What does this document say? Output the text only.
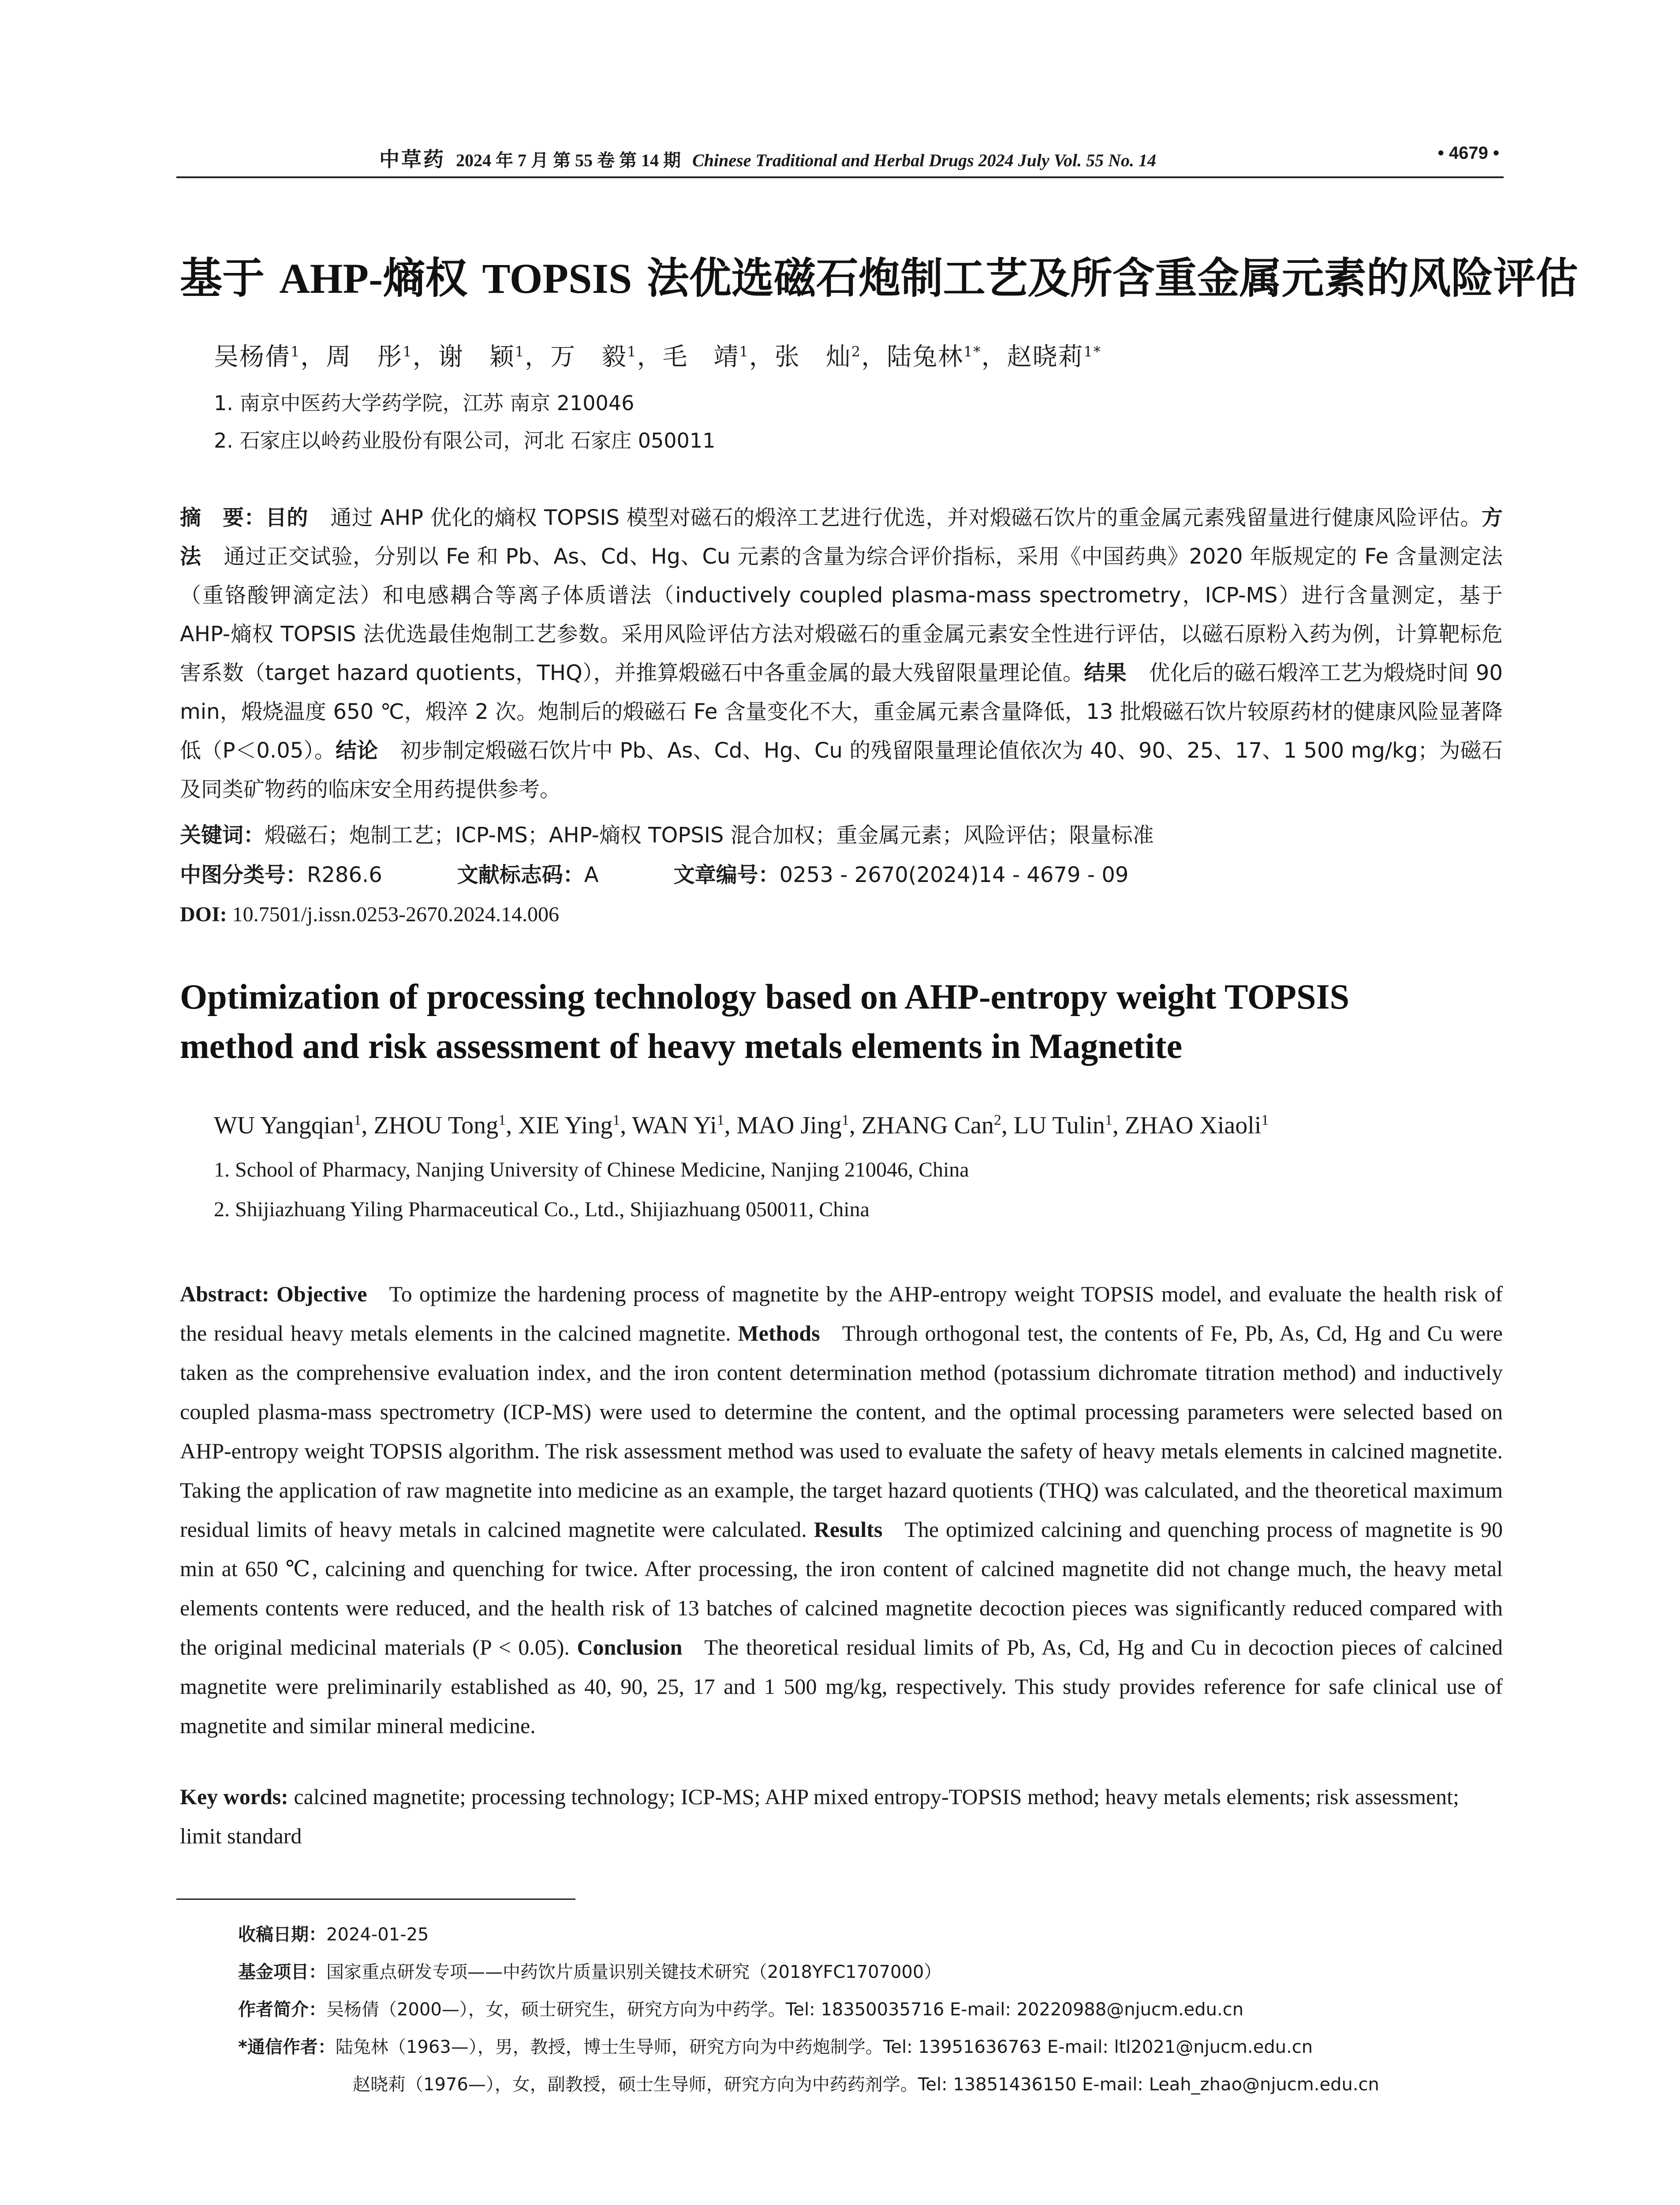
中草药 2024 年 7 月 第 55 卷 第 14 期 Chinese Traditional and Herbal Drugs 2024 July Vol. 55 No. 14	• 4679 •
基于 AHP-熵权 TOPSIS 法优选磁石炮制工艺及所含重金属元素的风险评估
吴杨倩$^1$，周　彤$^1$，谢　颖$^1$，万　毅$^1$，毛　靖$^1$，张　灿$^2$，陆兔林$^{1*}$，赵晓莉$^{1*}$
1. 南京中医药大学药学院，江苏 南京 210046
2. 石家庄以岭药业股份有限公司，河北 石家庄 050011
摘　要：目的 通过 AHP 优化的熵权 TOPSIS 模型对磁石的煅淬工艺进行优选，并对煅磁石饮片的重金属元素残留量进行健康风险评估。方法 通过正交试验，分别以 Fe 和 Pb、As、Cd、Hg、Cu 元素的含量为综合评价指标，采用《中国药典》2020 年版规定的 Fe 含量测定法（重铬酸钾滴定法）和电感耦合等离子体质谱法（inductively coupled plasma-mass spectrometry，ICP-MS）进行含量测定，基于 AHP-熵权 TOPSIS 法优选最佳炮制工艺参数。采用风险评估方法对煅磁石的重金属元素安全性进行评估，以磁石原粉入药为例，计算靶标危害系数（target hazard quotients，THQ），并推算煅磁石中各重金属的最大残留限量理论值。结果 优化后的磁石煅淬工艺为煅烧时间 90 min，煅烧温度 650 ℃，煅淬 2 次。炮制后的煅磁石 Fe 含量变化不大，重金属元素含量降低，13 批煅磁石饮片较原药材的健康风险显著降低（P＜0.05）。结论 初步制定煅磁石饮片中 Pb、As、Cd、Hg、Cu 的残留限量理论值依次为 40、90、25、17、1 500 mg/kg；为磁石及同类矿物药的临床安全用药提供参考。
关键词：煅磁石；炮制工艺；ICP-MS；AHP-熵权 TOPSIS 混合加权；重金属元素；风险评估；限量标准
中图分类号：R286.6	文献标志码：A	文章编号：0253 - 2670(2024)14 - 4679 - 09
DOI: 10.7501/j.issn.0253-2670.2024.14.006
Optimization of processing technology based on AHP-entropy weight TOPSIS
method and risk assessment of heavy metals elements in Magnetite
WU Yangqian$^1$, ZHOU Tong$^1$, XIE Ying$^1$, WAN Yi$^1$, MAO Jing$^1$, ZHANG Can$^2$, LU Tulin$^1$, ZHAO Xiaoli$^1$
1. School of Pharmacy, Nanjing University of Chinese Medicine, Nanjing 210046, China
2. Shijiazhuang Yiling Pharmaceutical Co., Ltd., Shijiazhuang 050011, China
Abstract: Objective To optimize the hardening process of magnetite by the AHP-entropy weight TOPSIS model, and evaluate the health risk of the residual heavy metals elements in the calcined magnetite. Methods Through orthogonal test, the contents of Fe, Pb, As, Cd, Hg and Cu were taken as the comprehensive evaluation index, and the iron content determination method (potassium dichromate titration method) and inductively coupled plasma-mass spectrometry (ICP-MS) were used to determine the content, and the optimal processing parameters were selected based on AHP-entropy weight TOPSIS algorithm. The risk assessment method was used to evaluate the safety of heavy metals elements in calcined magnetite. Taking the application of raw magnetite into medicine as an example, the target hazard quotients (THQ) was calculated, and the theoretical maximum residual limits of heavy metals in calcined magnetite were calculated. Results The optimized calcining and quenching process of magnetite is 90 min at 650 ℃, calcining and quenching for twice. After processing, the iron content of calcined magnetite did not change much, the heavy metal elements contents were reduced, and the health risk of 13 batches of calcined magnetite decoction pieces was significantly reduced compared with the original medicinal materials (P < 0.05). Conclusion The theoretical residual limits of Pb, As, Cd, Hg and Cu in decoction pieces of calcined magnetite were preliminarily established as 40, 90, 25, 17 and 1 500 mg/kg, respectively. This study provides reference for safe clinical use of magnetite and similar mineral medicine.
Key words: calcined magnetite; processing technology; ICP-MS; AHP mixed entropy-TOPSIS method; heavy metals elements; risk assessment; limit standard
收稿日期：2024-01-25
基金项目：国家重点研发专项——中药饮片质量识别关键技术研究（2018YFC1707000）
作者简介：吴杨倩（2000—），女，硕士研究生，研究方向为中药学。Tel: 18350035716 E-mail: 20220988@njucm.edu.cn
*通信作者：陆兔林（1963—），男，教授，博士生导师，研究方向为中药炮制学。Tel: 13951636763 E-mail: ltl2021@njucm.edu.cn
赵晓莉（1976—），女，副教授，硕士生导师，研究方向为中药药剂学。Tel: 13851436150 E-mail: Leah_zhao@njucm.edu.cn
